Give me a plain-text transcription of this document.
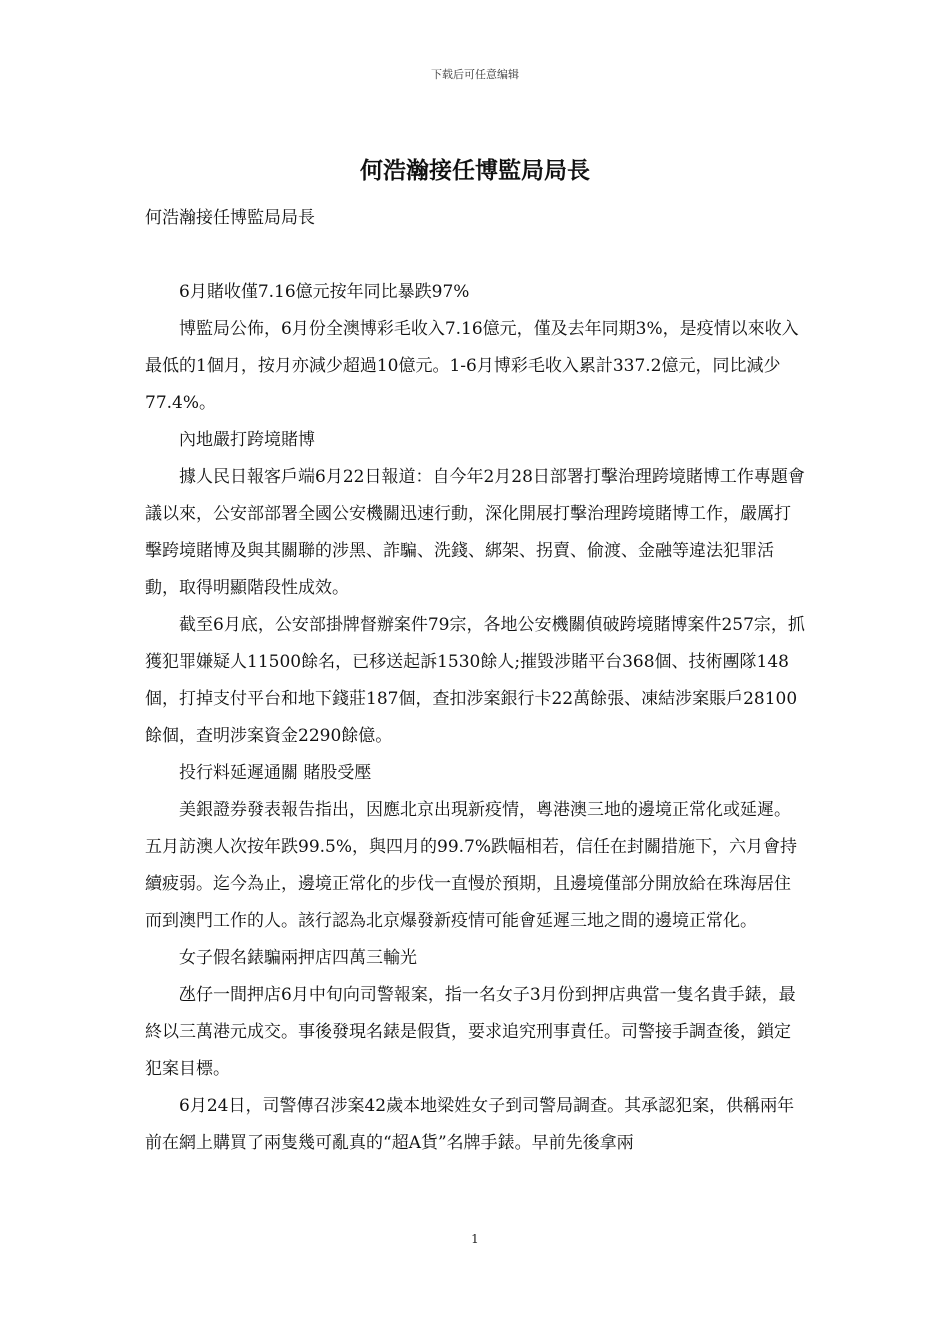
下载后可任意编辑
何浩瀚接任博監局局長

何浩瀚接任博監局局長

6月賭收僅7.16億元按年同比暴跌97%

博監局公佈，6月份全澳博彩毛收入7.16億元，僅及去年同期3%，是疫情以來收入最低的1個月，按月亦減少超過10億元。1-6月博彩毛收入累計337.2億元，同比減少77.4%。

內地嚴打跨境賭博

據人民日報客戶端6月22日報道：自今年2月28日部署打擊治理跨境賭博工作專題會議以來，公安部部署全國公安機關迅速行動，深化開展打擊治理跨境賭博工作，嚴厲打擊跨境賭博及與其關聯的涉黑、詐騙、洗錢、綁架、拐賣、偷渡、金融等違法犯罪活動，取得明顯階段性成效。

截至6月底，公安部掛牌督辦案件79宗，各地公安機關偵破跨境賭博案件257宗，抓獲犯罪嫌疑人11500餘名，已移送起訴1530餘人;摧毀涉賭平台368個、技術團隊148個，打掉支付平台和地下錢莊187個，查扣涉案銀行卡22萬餘張、凍結涉案賬戶28100餘個，查明涉案資金2290餘億。

投行料延遲通關 賭股受壓

美銀證券發表報告指出，因應北京出現新疫情，粵港澳三地的邊境正常化或延遲。五月訪澳人次按年跌99.5%，與四月的99.7%跌幅相若，信任在封關措施下，六月會持續疲弱。迄今為止，邊境正常化的步伐一直慢於預期，且邊境僅部分開放給在珠海居住而到澳門工作的人。該行認為北京爆發新疫情可能會延遲三地之間的邊境正常化。

女子假名錶騙兩押店四萬三輸光

氹仔一間押店6月中旬向司警報案，指一名女子3月份到押店典當一隻名貴手錶，最終以三萬港元成交。事後發現名錶是假貨，要求追究刑事責任。司警接手調查後，鎖定犯案目標。

6月24日，司警傳召涉案42歲本地梁姓女子到司警局調查。其承認犯案，供稱兩年前在網上購買了兩隻幾可亂真的“超A貨”名牌手錶。早前先後拿兩

1
